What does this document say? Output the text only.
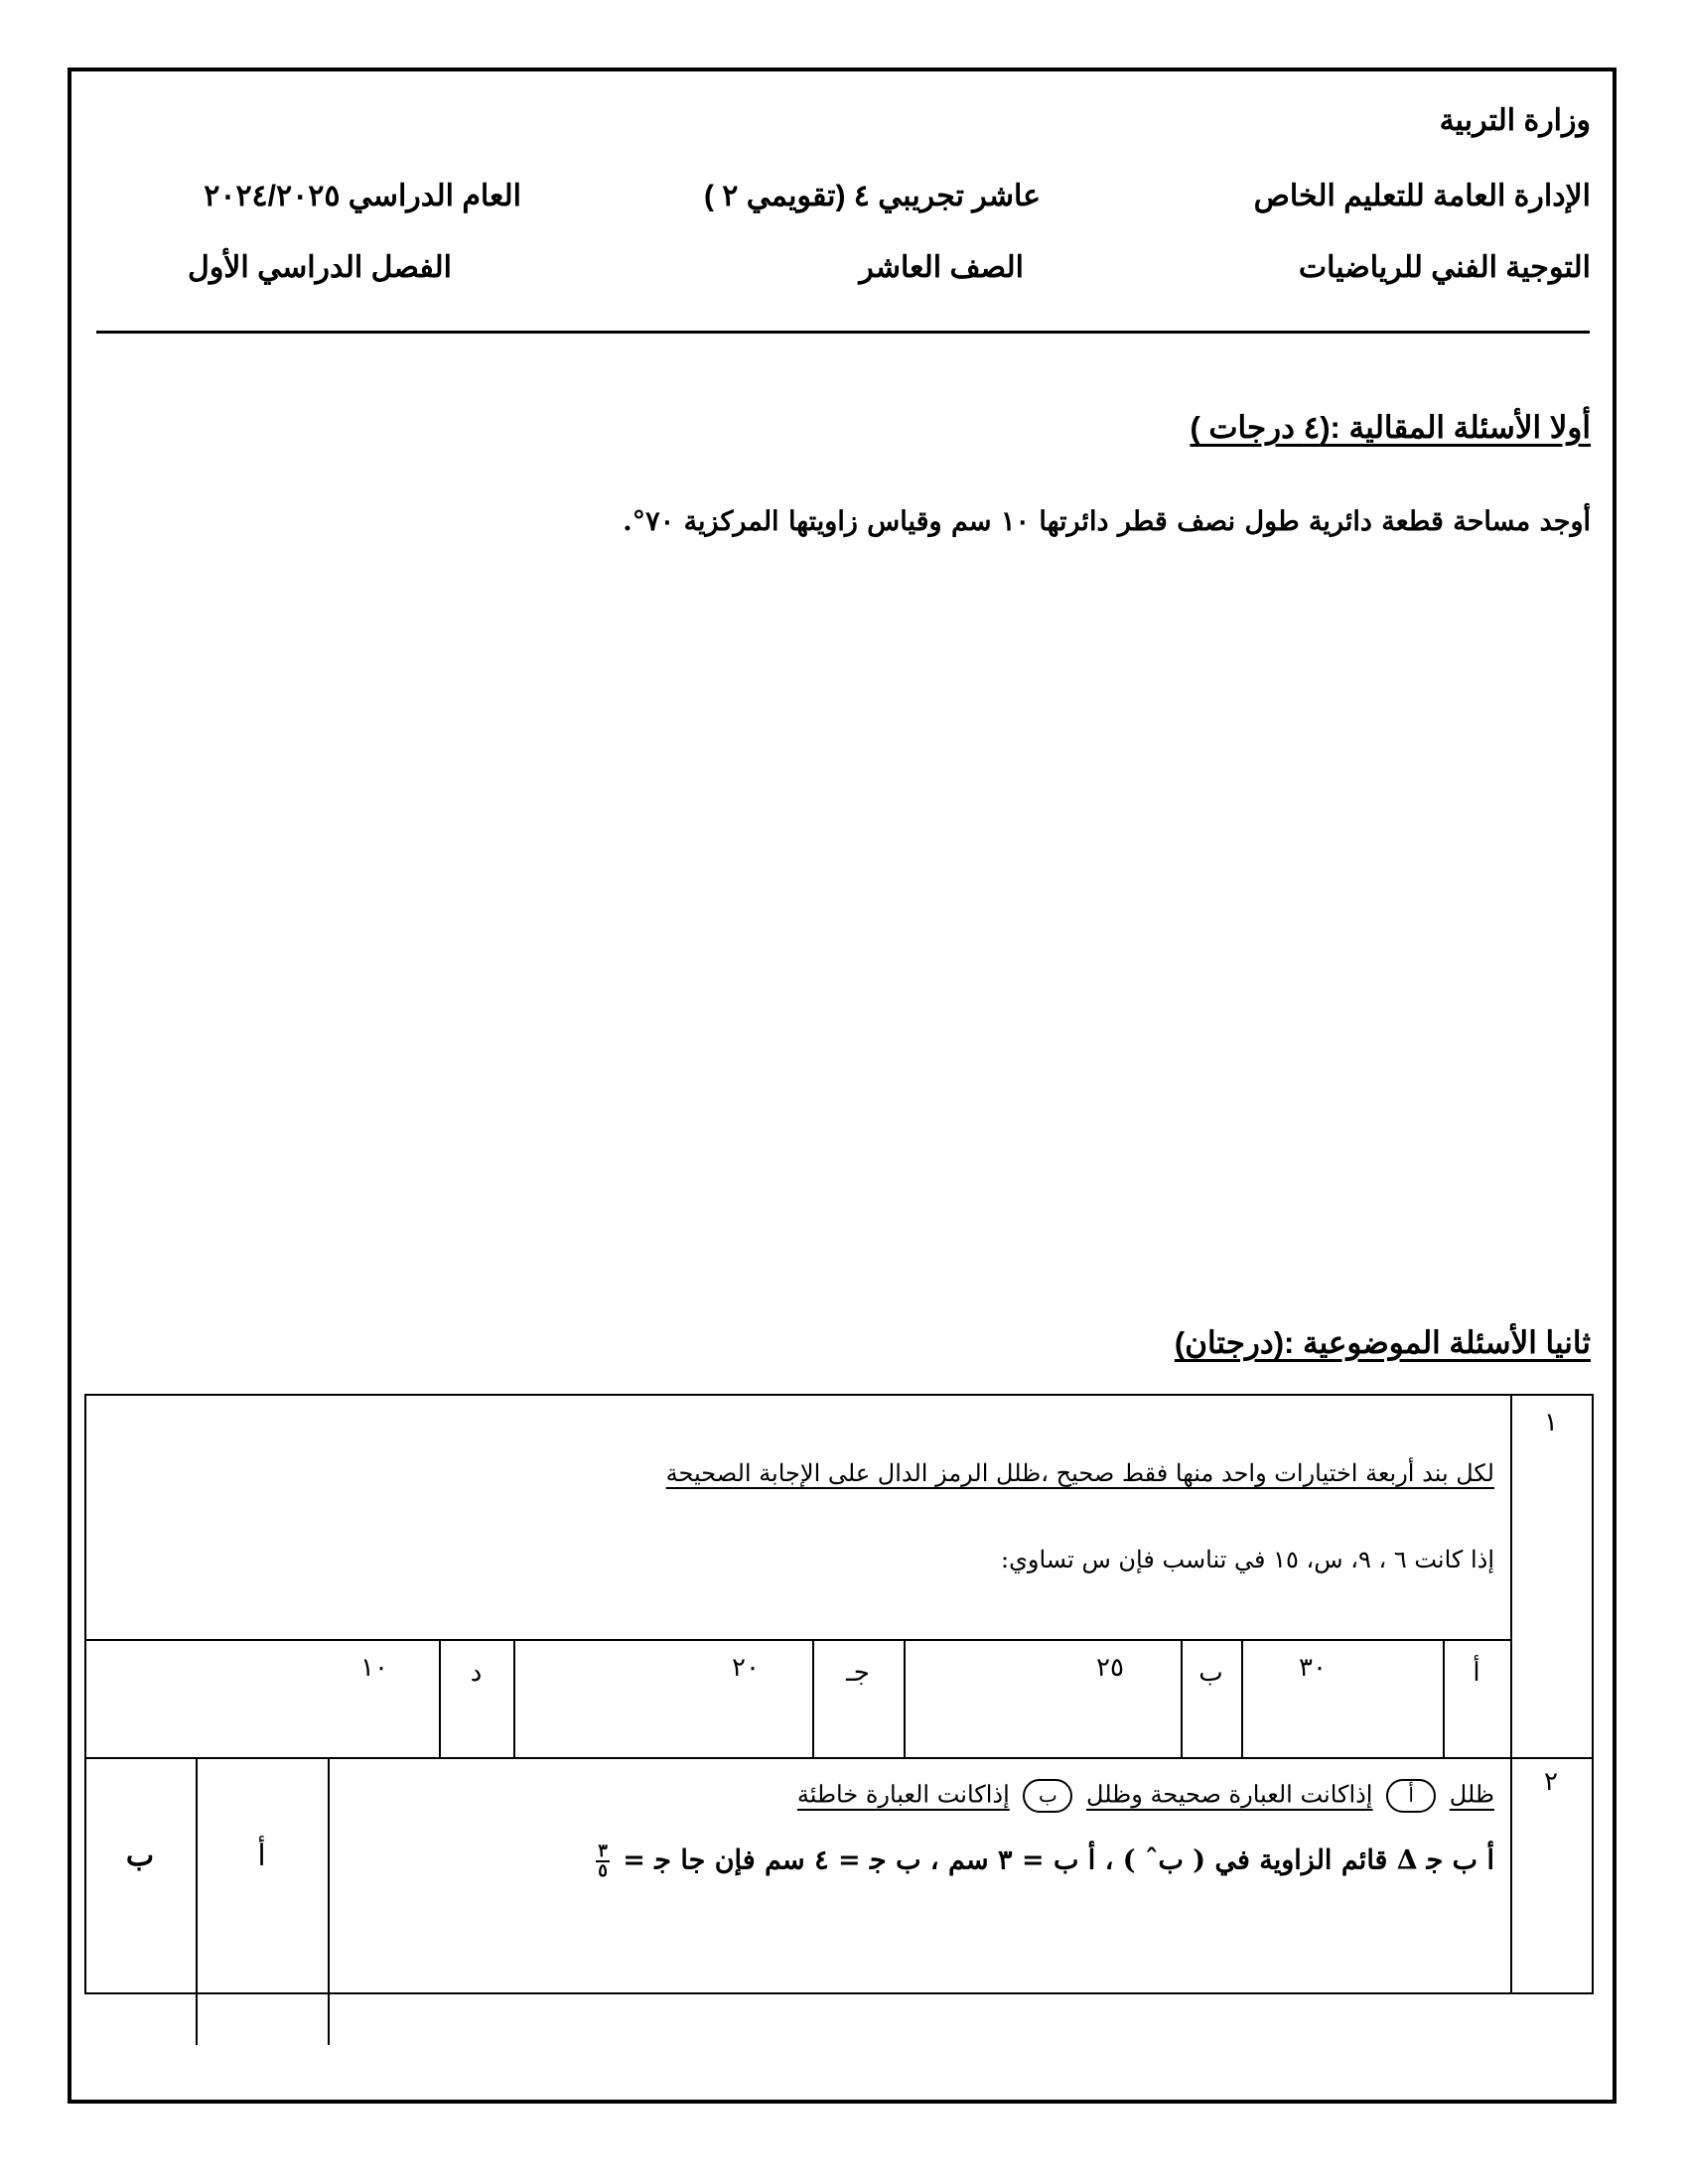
وزارة التربية
الإدارة العامة للتعليم الخاص
عاشر تجريبي ٤ (تقويمي ٢ )
العام الدراسي ٢٠٢٤/٢٠٢٥
التوجية الفني للرياضيات
الصف العاشر
الفصل الدراسي الأول
أولا الأسئلة المقالية :(٤ درجات )
أوجد مساحة قطعة دائرية طول نصف قطر دائرتها ١٠ سم وقياس زاويتها المركزية ٧٠°.
ثانيا الأسئلة الموضوعية :(درجتان)
١
لكل بند أربعة اختيارات واحد منها فقط صحيح ،ظلل الرمز الدال على الإجابة الصحيحة
إذا كانت ٦ ، ٩، س، ١٥ في تناسب فإن س تساوي:
أ
٣٠
ب
٢٥
جـ
٢٠
د
١٠
٢
ظلل أ إذاكانت العبارة صحيحة وظلل ب إذاكانت العبارة خاطئة
ﺃ ب ﺟ ∆ قائم الزاوية في ( بˆ ) ، ﺃ ب = ٣ سم ، ب ﺟ = ٤ سم فإن جا ﺟ =
$\frac{٣}{٥}$
أ
ب
